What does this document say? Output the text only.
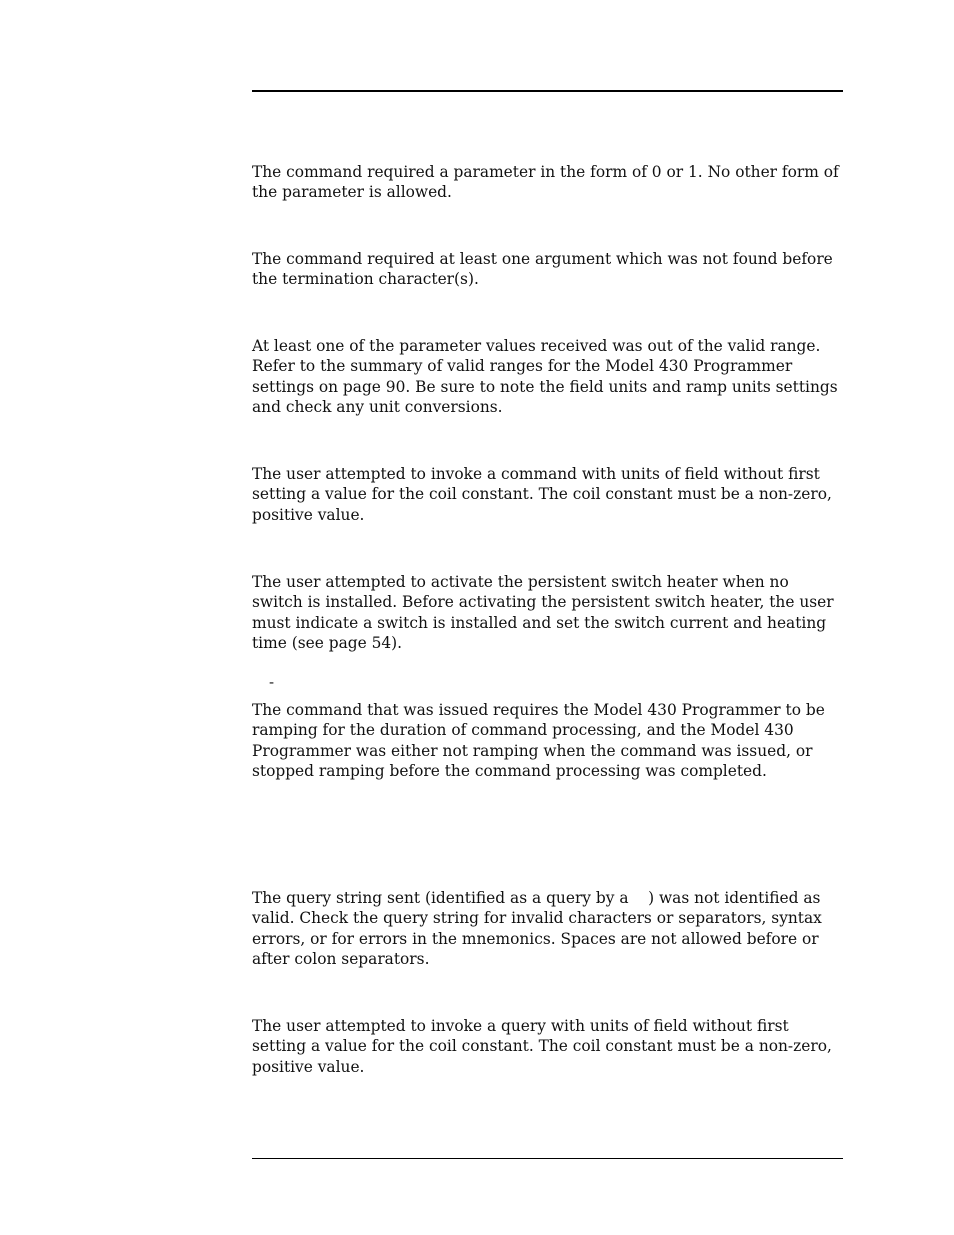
The command required a parameter in the form of 0 or 1. No other form of
the parameter is allowed.

The command required at least one argument which was not found before
the termination character(s).

At least one of the parameter values received was out of the valid range.
Refer to the summary of valid ranges for the Model 430 Programmer
settings on page 90. Be sure to note the field units and ramp units settings
and check any unit conversions.

The user attempted to invoke a command with units of field without first
setting a value for the coil constant. The coil constant must be a non-zero,
positive value.

The user attempted to activate the persistent switch heater when no
switch is installed. Before activating the persistent switch heater, the user
must indicate a switch is installed and set the switch current and heating
time (see page 54).

-

The command that was issued requires the Model 430 Programmer to be
ramping for the duration of command processing, and the Model 430
Programmer was either not ramping when the command was issued, or
stopped ramping before the command processing was completed.

The query string sent (identified as a query by a    ) was not identified as
valid. Check the query string for invalid characters or separators, syntax
errors, or for errors in the mnemonics. Spaces are not allowed before or
after colon separators.

The user attempted to invoke a query with units of field without first
setting a value for the coil constant. The coil constant must be a non-zero,
positive value.
